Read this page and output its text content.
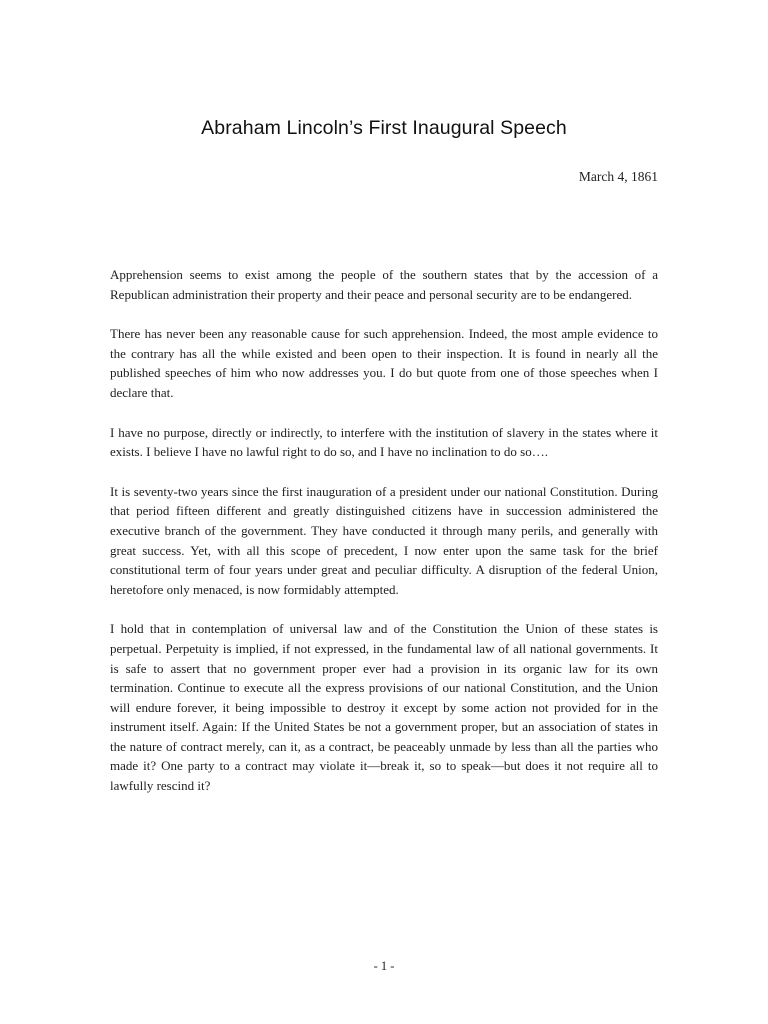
Abraham Lincoln’s First Inaugural Speech
March 4, 1861

Apprehension seems to exist among the people of the southern states that by the accession of a Republican administration their property and their peace and personal security are to be endangered.

There has never been any reasonable cause for such apprehension. Indeed, the most ample evidence to the contrary has all the while existed and been open to their inspection. It is found in nearly all the published speeches of him who now addresses you. I do but quote from one of those speeches when I declare that.

I have no purpose, directly or indirectly, to interfere with the institution of slavery in the states where it exists. I believe I have no lawful right to do so, and I have no inclination to do so….

It is seventy-two years since the first inauguration of a president under our national Constitution. During that period fifteen different and greatly distinguished citizens have in succession administered the executive branch of the government. They have conducted it through many perils, and generally with great success. Yet, with all this scope of precedent, I now enter upon the same task for the brief constitutional term of four years under great and peculiar difficulty. A disruption of the federal Union, heretofore only menaced, is now formidably attempted.

I hold that in contemplation of universal law and of the Constitution the Union of these states is perpetual. Perpetuity is implied, if not expressed, in the fundamental law of all national governments. It is safe to assert that no government proper ever had a provision in its organic law for its own termination. Continue to execute all the express provisions of our national Constitution, and the Union will endure forever, it being impossible to destroy it except by some action not provided for in the instrument itself. Again: If the United States be not a government proper, but an association of states in the nature of contract merely, can it, as a contract, be peaceably unmade by less than all the parties who made it? One party to a contract may violate it—break it, so to speak—but does it not require all to lawfully rescind it?

- 1 -
